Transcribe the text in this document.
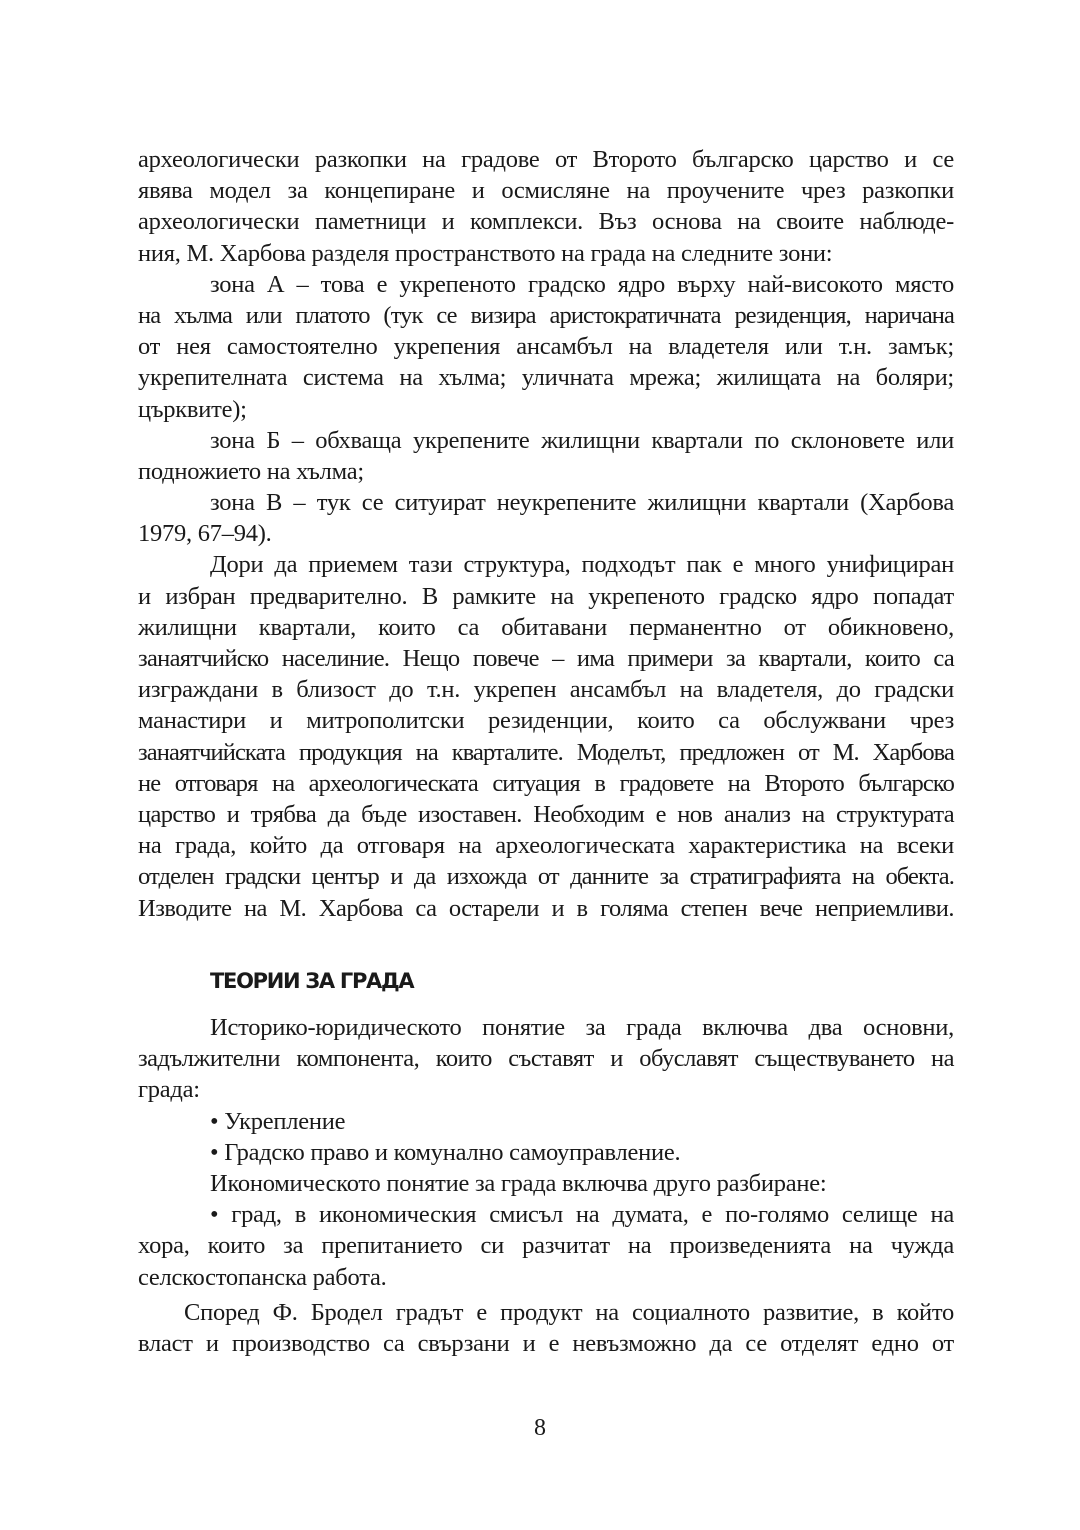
археологически разкопки на градове от Второто българско царство и се
явява модел за концепиране и осмисляне на проучените чрез разкопки
археологически паметници и комплекси. Въз основа на своите наблюде-
ния, М. Харбова разделя пространството на града на следните зони:
зона А – това е укрепеното градско ядро върху най-високото място
на хълма или платото (тук се визира аристократичната резиденция, наричана
от нея самостоятелно укрепения ансамбъл на владетеля или т.н. замък;
укрепителната система на хълма; уличната мрежа; жилищата на боляри;
църквите);
зона Б – обхваща укрепените жилищни квартали по склоновете или
подножието на хълма;
зона В – тук се ситуират неукрепените жилищни квартали (Харбова
1979, 67–94).
Дори да приемем тази структура, подходът пак е много унифициран
и избран предварително. В рамките на укрепеното градско ядро попадат
жилищни квартали, които са обитавани перманентно от обикновено,
занаятчийско населиние. Нещо повече – има примери за квартали, които са
изграждани в близост до т.н. укрепен ансамбъл на владетеля, до градски
манастири и митрополитски резиденции, които са обслужвани чрез
занаятчийската продукция на кварталите. Моделът, предложен от М. Харбова
не отговаря на археологическата ситуация в градовете на Второто българско
царство и трябва да бъде изоставен. Необходим е нов анализ на структурата
на града, който да отговаря на археологическата характеристика на всеки
отделен градски център и да изхожда от данните за стратиграфията на обекта.
Изводите на М. Харбова са остарели и в голяма степен вече неприемливи.
ТЕОРИИ ЗА ГРАДА
Историко-юридическото понятие за града включва два основни,
задължителни компонента, които съставят и обуславят съществуването на
града:
• Укрепление
• Градско право и комунално самоуправление.
Икономическото понятие за града включва друго разбиране:
• град, в икономическия смисъл на думата, е по-голямо селище на
хора, които за препитанието си разчитат на произведенията на чужда
селскостопанска работа.
Според Ф. Бродел градът е продукт на социалното развитие, в който
власт и производство са свързани и е невъзможно да се отделят едно от
8
